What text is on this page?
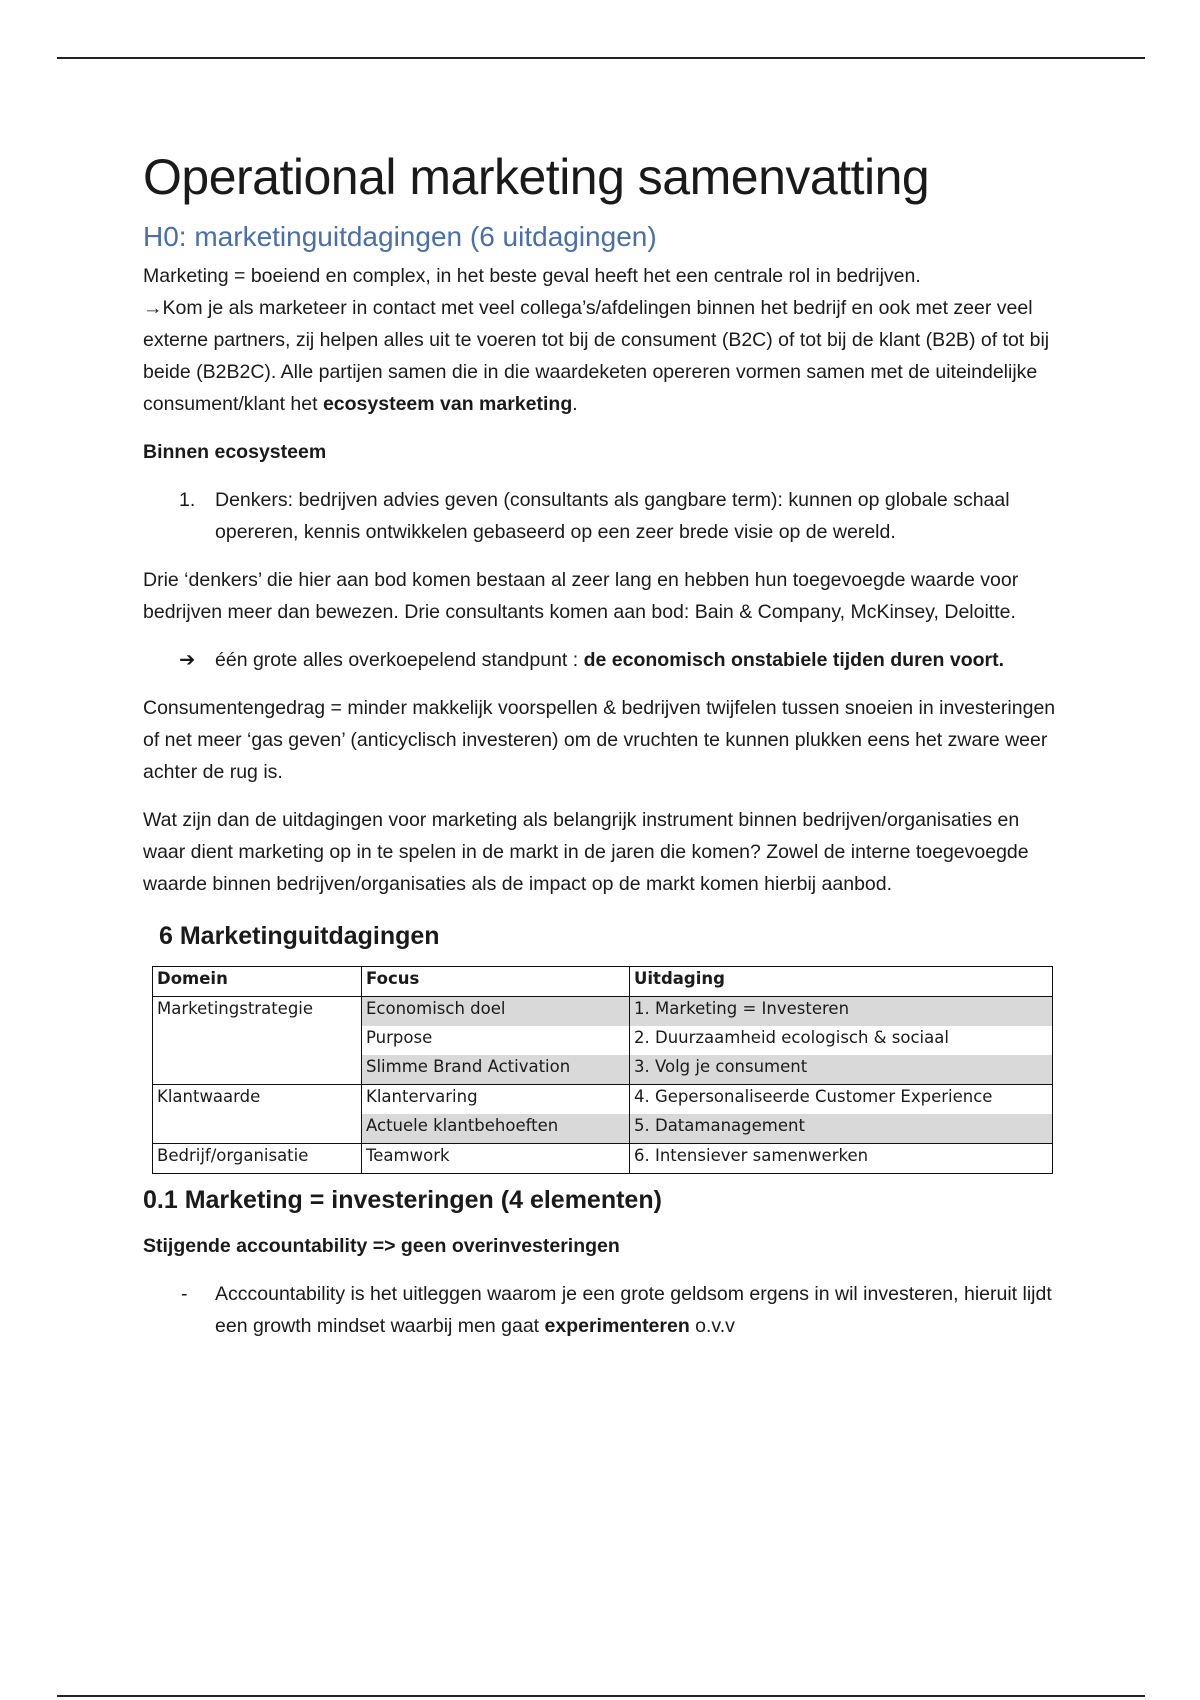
Operational marketing samenvatting
H0: marketinguitdagingen (6 uitdagingen)

Marketing = boeiend en complex, in het beste geval heeft het een centrale rol in bedrijven.
→Kom je als marketeer in contact met veel collega’s/afdelingen binnen het bedrijf en ook met zeer veel externe partners, zij helpen alles uit te voeren tot bij de consument (B2C) of tot bij de klant (B2B) of tot bij beide (B2B2C). Alle partijen samen die in die waardeketen opereren vormen samen met de uiteindelijke consument/klant het ecosysteem van marketing.

Binnen ecosysteem
1. Denkers: bedrijven advies geven (consultants als gangbare term): kunnen op globale schaal opereren, kennis ontwikkelen gebaseerd op een zeer brede visie op de wereld.

Drie ‘denkers’ die hier aan bod komen bestaan al zeer lang en hebben hun toegevoegde waarde voor bedrijven meer dan bewezen. Drie consultants komen aan bod: Bain & Company, McKinsey, Deloitte.

➔ één grote alles overkoepelend standpunt : de economisch onstabiele tijden duren voort.

Consumentengedrag = minder makkelijk voorspellen & bedrijven twijfelen tussen snoeien in investeringen of net meer ‘gas geven’ (anticyclisch investeren) om de vruchten te kunnen plukken eens het zware weer achter de rug is.

Wat zijn dan de uitdagingen voor marketing als belangrijk instrument binnen bedrijven/organisaties en waar dient marketing op in te spelen in de markt in de jaren die komen? Zowel de interne toegevoegde waarde binnen bedrijven/organisaties als de impact op de markt komen hierbij aanbod.

6 Marketinguitdagingen
Domein	Focus	Uitdaging
Marketingstrategie	Economisch doel	1. Marketing = Investeren
	Purpose	2. Duurzaamheid ecologisch & sociaal
	Slimme Brand Activation	3. Volg je consument
Klantwaarde	Klantervaring	4. Gepersonaliseerde Customer Experience
	Actuele klantbehoeften	5. Datamanagement
Bedrijf/organisatie	Teamwork	6. Intensiever samenwerken
0.1 Marketing = investeringen (4 elementen)
Stijgende accountability => geen overinvesteringen
- Acccountability is het uitleggen waarom je een grote geldsom ergens in wil investeren, hieruit lijdt een growth mindset waarbij men gaat experimenteren o.v.v
